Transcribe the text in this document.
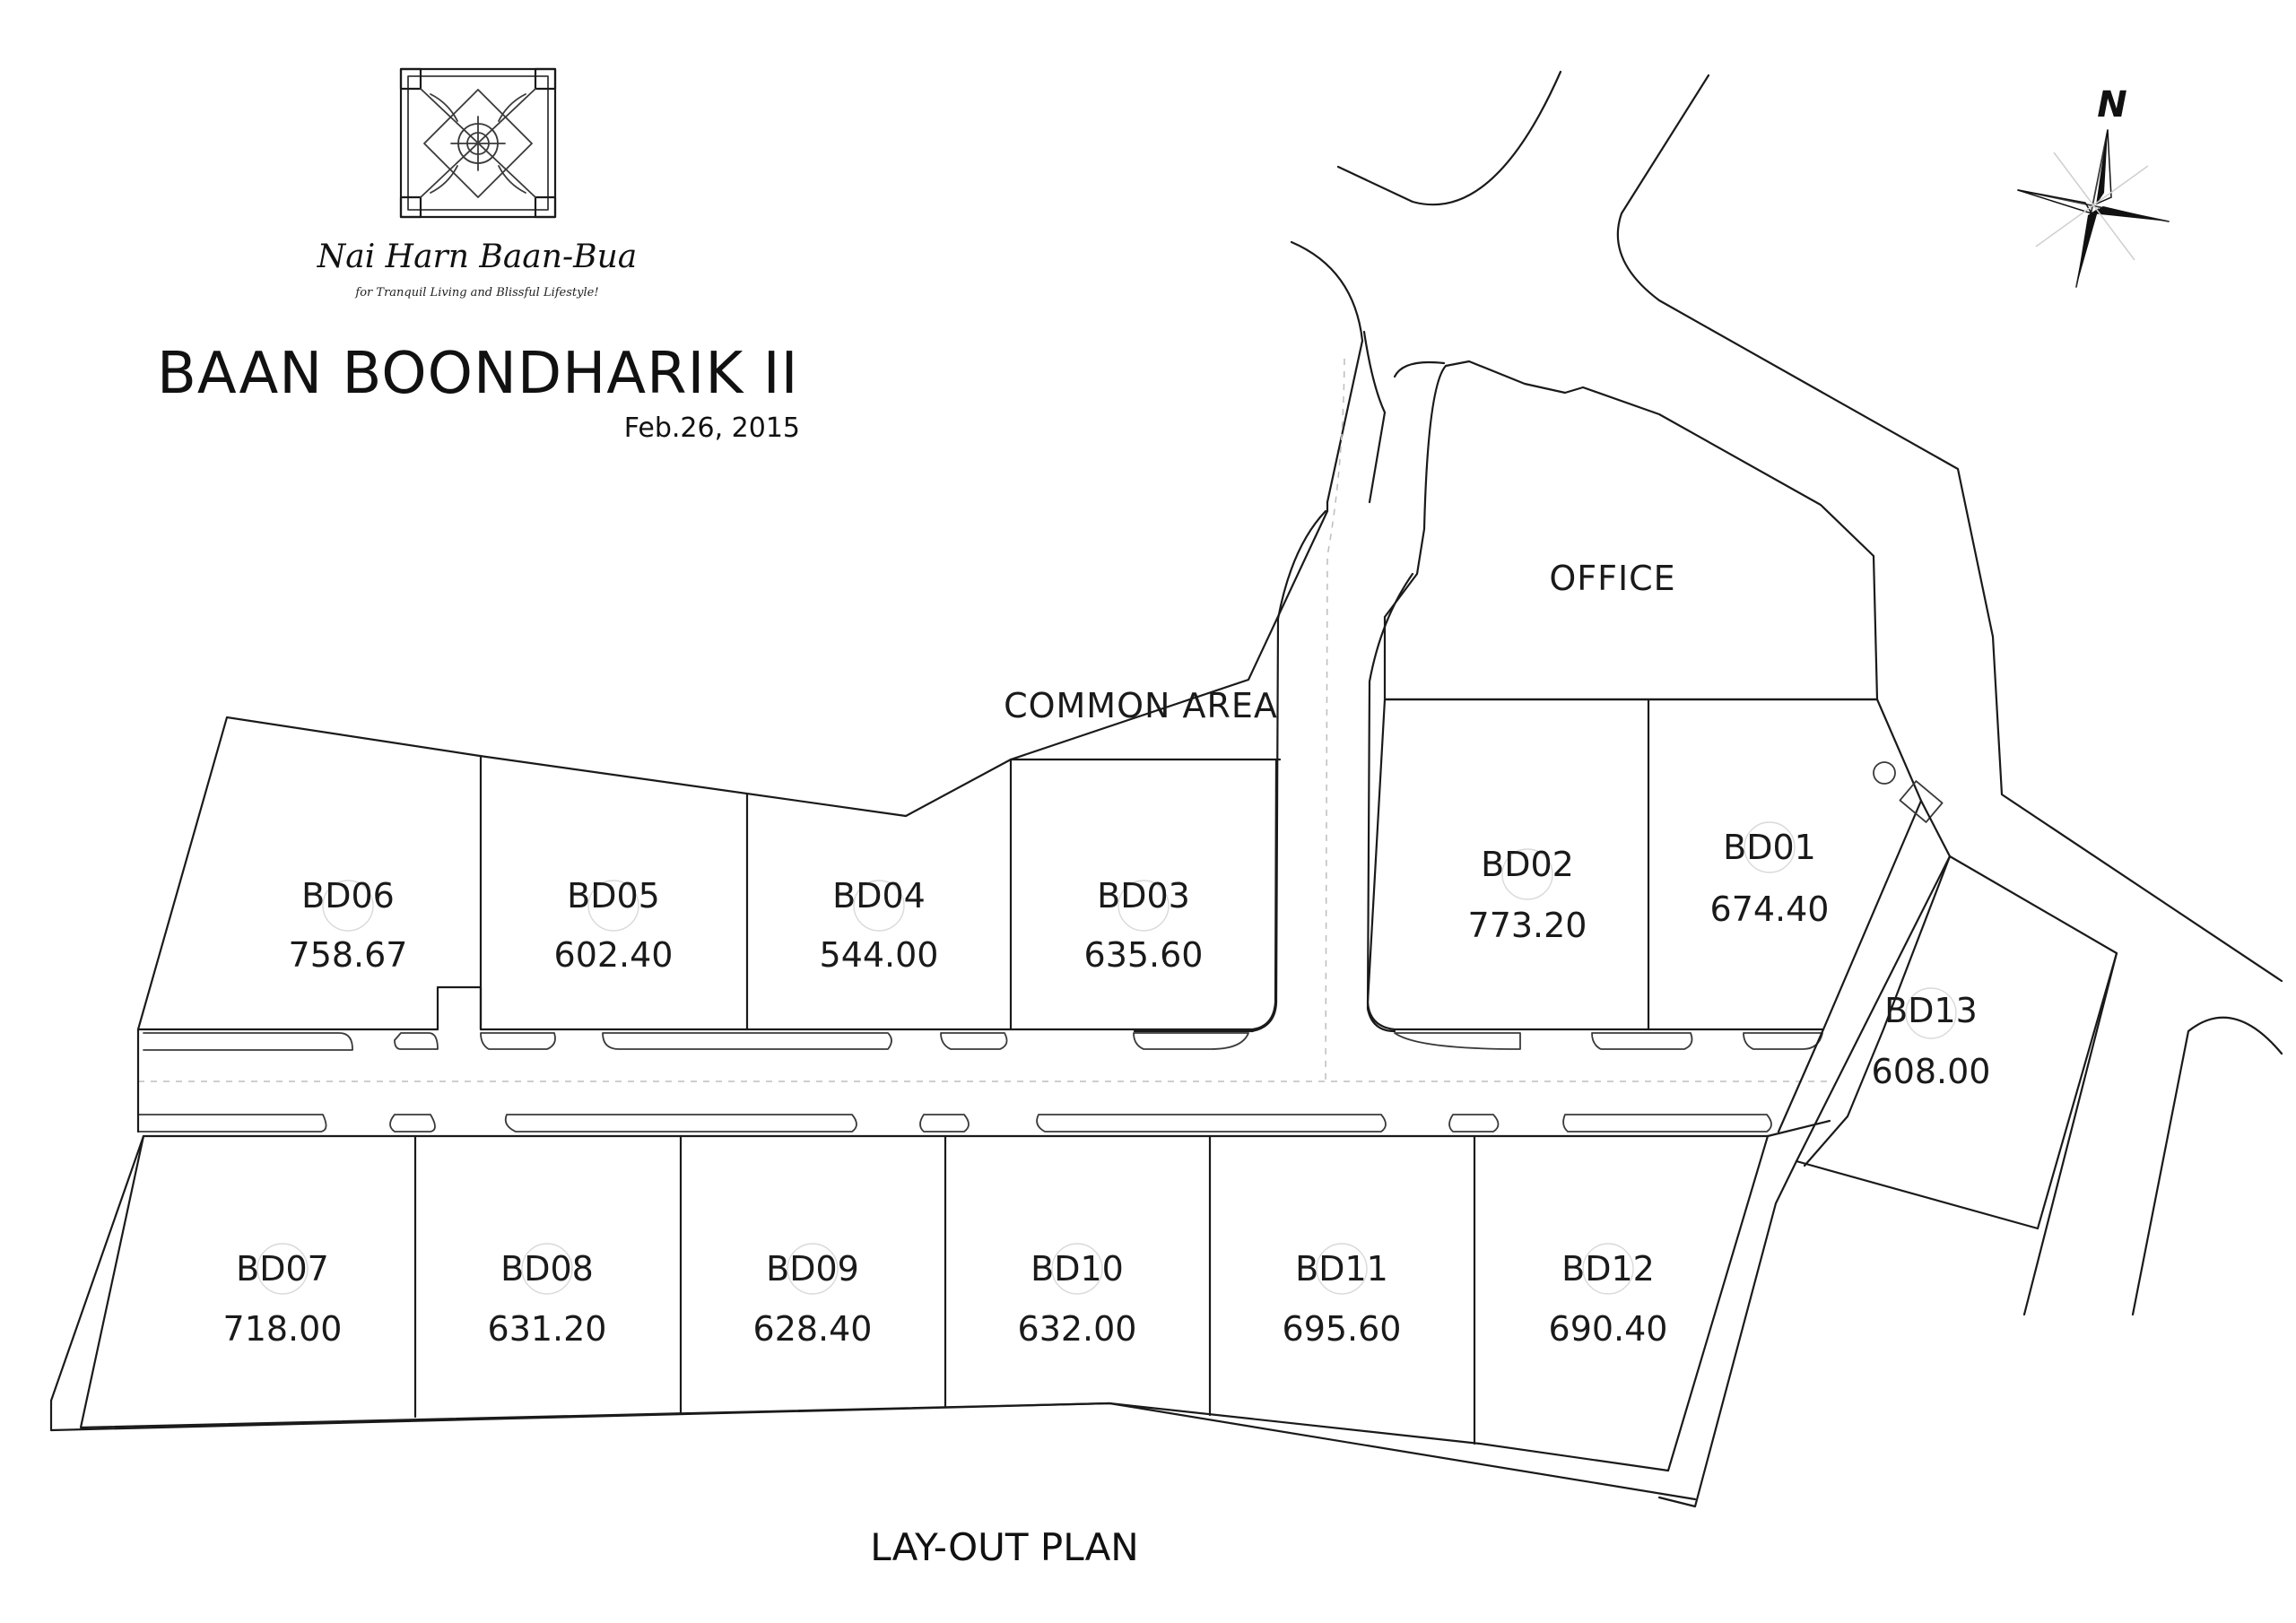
Nai Harn Baan-Bua
for Tranquil Living and Blissful Lifestyle!
BAAN BOONDHARIK II
Feb.26, 2015
N
OFFICE
COMMON AREA
BD06
758.67
BD05
602.40
BD04
544.00
BD03
635.60
BD02
773.20
BD01
674.40
BD13
608.00
BD07
718.00
BD08
631.20
BD09
628.40
BD10
632.00
BD11
695.60
BD12
690.40
LAY-OUT PLAN
